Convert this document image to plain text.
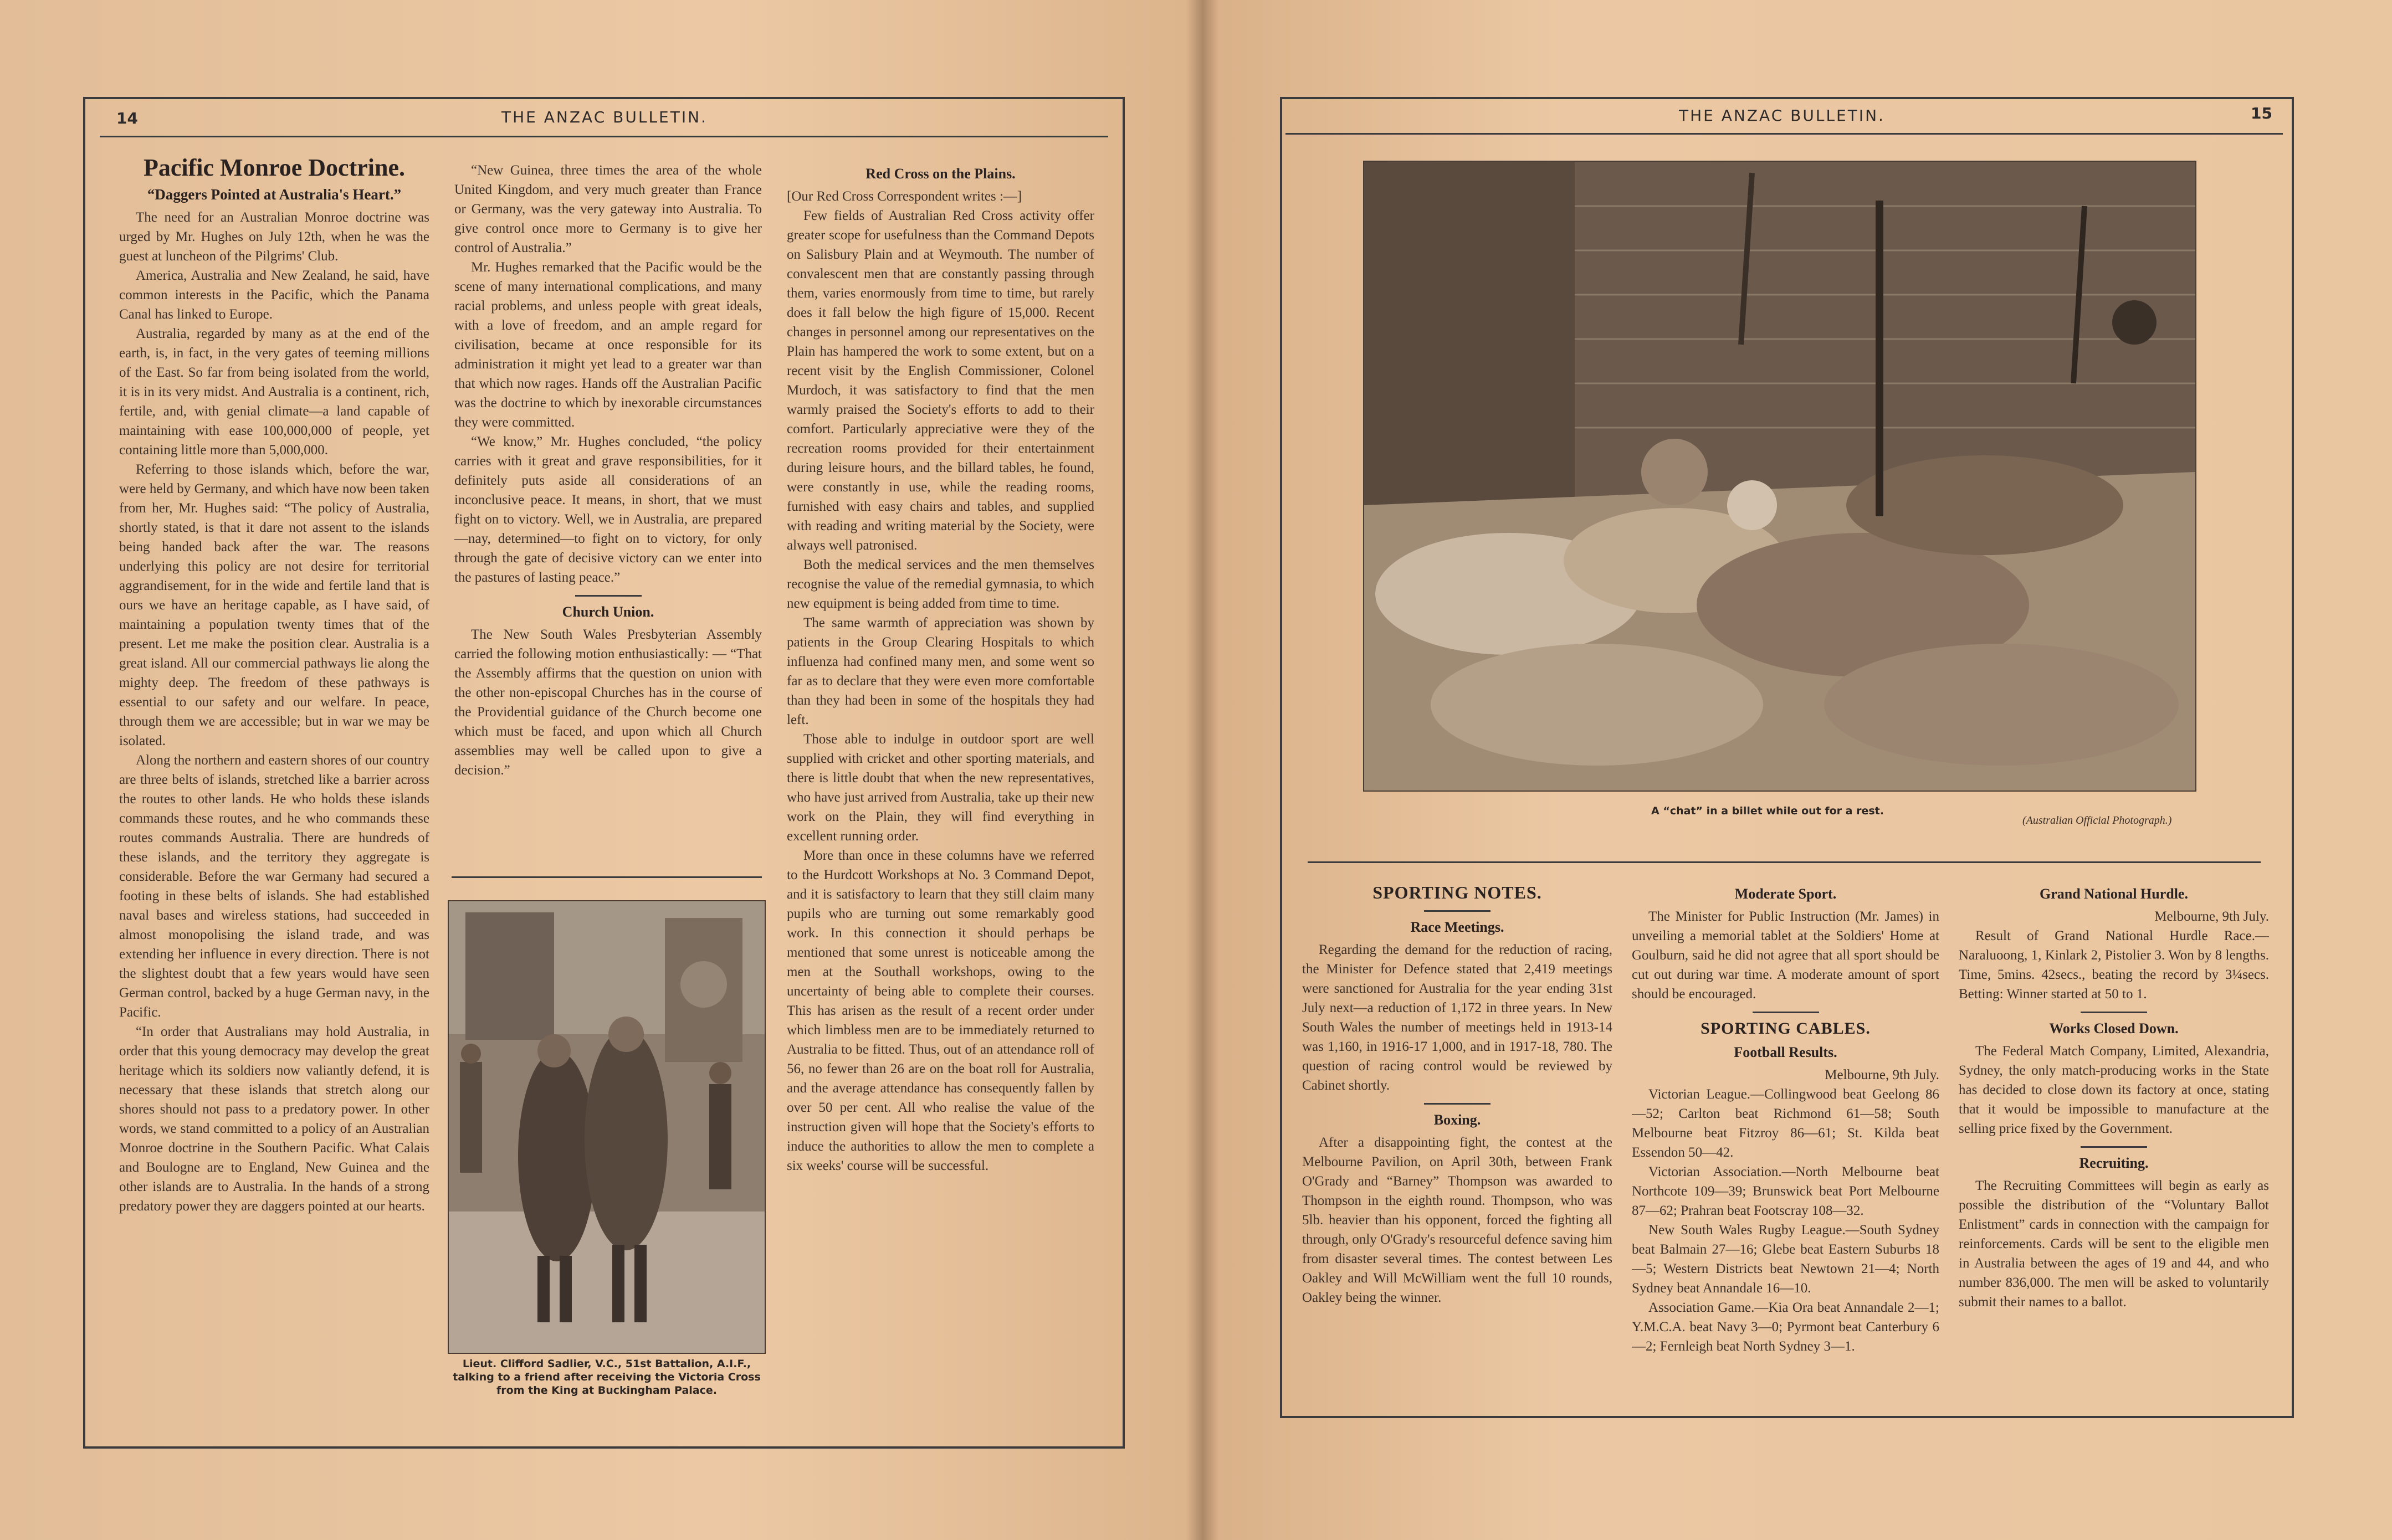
14	THE ANZAC BULLETIN.	15
THE ANZAC BULLETIN.
Pacific Monroe Doctrine.
“Daggers Pointed at Australia's Heart.”

The need for an Australian Monroe doctrine was urged by Mr. Hughes on July 12th, when he was the guest at luncheon of the Pilgrims' Club.

America, Australia and New Zealand, he said, have common interests in the Pacific, which the Panama Canal has linked to Europe.

Australia, regarded by many as at the end of the earth, is, in fact, in the very gates of teeming millions of the East. So far from being isolated from the world, it is in its very midst. And Australia is a continent, rich, fertile, and, with genial climate—a land capable of maintaining with ease 100,000,000 of people, yet containing little more than 5,000,000.

Referring to those islands which, before the war, were held by Germany, and which have now been taken from her, Mr. Hughes said: “The policy of Australia, shortly stated, is that it dare not assent to the islands being handed back after the war. The reasons underlying this policy are not desire for territorial aggrandisement, for in the wide and fertile land that is ours we have an heritage capable, as I have said, of maintaining a population twenty times that of the present. Let me make the position clear. Australia is a great island. All our commercial pathways lie along the mighty deep. The freedom of these pathways is essential to our safety and our welfare. In peace, through them we are accessible; but in war we may be isolated.

Along the northern and eastern shores of our country are three belts of islands, stretched like a barrier across the routes to other lands. He who holds these islands commands these routes, and he who commands these routes commands Australia. There are hundreds of these islands, and the territory they aggregate is considerable. Before the war Germany had secured a footing in these belts of islands. She had established naval bases and wireless stations, had succeeded in almost monopolising the island trade, and was extending her influence in every direction. There is not the slightest doubt that a few years would have seen German control, backed by a huge German navy, in the Pacific.

“In order that Australians may hold Australia, in order that this young democracy may develop the great heritage which its soldiers now valiantly defend, it is necessary that these islands that stretch along our shores should not pass to a predatory power. In other words, we stand committed to a policy of an Australian Monroe doctrine in the Southern Pacific. What Calais and Boulogne are to England, New Guinea and the other islands are to Australia. In the hands of a strong predatory power they are daggers pointed at our hearts.

“New Guinea, three times the area of the whole United Kingdom, and very much greater than France or Germany, was the very gateway into Australia. To give control once more to Germany is to give her control of Australia.”

Mr. Hughes remarked that the Pacific would be the scene of many international complications, and many racial problems, and unless people with great ideals, with a love of freedom, and an ample regard for civilisation, became at once responsible for its administration it might yet lead to a greater war than that which now rages. Hands off the Australian Pacific was the doctrine to which by inexorable circumstances they were committed.

“We know,” Mr. Hughes concluded, “the policy carries with it great and grave responsibilities, for it definitely puts aside all considerations of an inconclusive peace. It means, in short, that we must fight on to victory. Well, we in Australia, are prepared—nay, determined—to fight on to victory, for only through the gate of decisive victory can we enter into the pastures of lasting peace.”

Church Union.

The New South Wales Presbyterian Assembly carried the following motion enthusiastically: — “That the Assembly affirms that the question on union with the other non-episcopal Churches has in the course of the Providential guidance of the Church become one which must be faced, and upon which all Church assemblies may well be called upon to give a decision.”

Lieut. Clifford Sadlier, V.C., 51st Battalion, A.I.F., talking to a friend after receiving the Victoria Cross from the King at Buckingham Palace.
Red Cross on the Plains.
[Our Red Cross Correspondent writes :—]

Few fields of Australian Red Cross activity offer greater scope for usefulness than the Command Depots on Salisbury Plain and at Weymouth. The number of convalescent men that are constantly passing through them, varies enormously from time to time, but rarely does it fall below the high figure of 15,000. Recent changes in personnel among our representatives on the Plain has hampered the work to some extent, but on a recent visit by the English Commissioner, Colonel Murdoch, it was satisfactory to find that the men warmly praised the Society's efforts to add to their comfort. Particularly appreciative were they of the recreation rooms provided for their entertainment during leisure hours, and the billard tables, he found, were constantly in use, while the reading rooms, furnished with easy chairs and tables, and supplied with reading and writing material by the Society, were always well patronised.

Both the medical services and the men themselves recognise the value of the remedial gymnasia, to which new equipment is being added from time to time.

The same warmth of appreciation was shown by patients in the Group Clearing Hospitals to which influenza had confined many men, and some went so far as to declare that they were even more comfortable than they had been in some of the hospitals they had left.

Those able to indulge in outdoor sport are well supplied with cricket and other sporting materials, and there is little doubt that when the new representatives, who have just arrived from Australia, take up their new work on the Plain, they will find everything in excellent running order.

More than once in these columns have we referred to the Hurdcott Workshops at No. 3 Command Depot, and it is satisfactory to learn that they still claim many pupils who are turning out some remarkably good work. In this connection it should perhaps be mentioned that some unrest is noticeable among the men at the Southall workshops, owing to the uncertainty of being able to complete their courses. This has arisen as the result of a recent order under which limbless men are to be immediately returned to Australia to be fitted. Thus, out of an attendance roll of 56, no fewer than 26 are on the boat roll for Australia, and the average attendance has consequently fallen by over 50 per cent. All who realise the value of the instruction given will hope that the Society's efforts to induce the authorities to allow the men to complete a six weeks' course will be successful.

A “chat” in a billet while out for a rest.
(Australian Official Photograph.)
SPORTING NOTES.
Race Meetings.

Regarding the demand for the reduction of racing, the Minister for Defence stated that 2,419 meetings were sanctioned for Australia for the year ending 31st July next—a reduction of 1,172 in three years. In New South Wales the number of meetings held in 1913-14 was 1,160, in 1916-17 1,000, and in 1917-18, 780. The question of racing control would be reviewed by Cabinet shortly.

Boxing.

After a disappointing fight, the contest at the Melbourne Pavilion, on April 30th, between Frank O'Grady and “Barney” Thompson was awarded to Thompson in the eighth round. Thompson, who was 5lb. heavier than his opponent, forced the fighting all through, only O'Grady's resourceful defence saving him from disaster several times. The contest between Les Oakley and Will McWilliam went the full 10 rounds, Oakley being the winner.

Moderate Sport.

The Minister for Public Instruction (Mr. James) in unveiling a memorial tablet at the Soldiers' Home at Goulburn, said he did not agree that all sport should be cut out during war time. A moderate amount of sport should be encouraged.

SPORTING CABLES.
Football Results.
Melbourne, 9th July.

Victorian League.—Collingwood beat Geelong 86—52; Carlton beat Richmond 61—58; South Melbourne beat Fitzroy 86—61; St. Kilda beat Essendon 50—42.

Victorian Association.—North Melbourne beat Northcote 109—39; Brunswick beat Port Melbourne 87—62; Prahran beat Footscray 108—32.

New South Wales Rugby League.—South Sydney beat Balmain 27—16; Glebe beat Eastern Suburbs 18—5; Western Districts beat Newtown 21—4; North Sydney beat Annandale 16—10.

Association Game.—Kia Ora beat Annandale 2—1; Y.M.C.A. beat Navy 3—0; Pyrmont beat Canterbury 6—2; Fernleigh beat North Sydney 3—1.

Grand National Hurdle.
Melbourne, 9th July.

Result of Grand National Hurdle Race.—Naraluoong, 1, Kinlark 2, Pistolier 3. Won by 8 lengths. Time, 5mins. 42secs., beating the record by 3¼secs. Betting: Winner started at 50 to 1.

Works Closed Down.

The Federal Match Company, Limited, Alexandria, Sydney, the only match-producing works in the State has decided to close down its factory at once, stating that it would be impossible to manufacture at the selling price fixed by the Government.

Recruiting.

The Recruiting Committees will begin as early as possible the distribution of the “Voluntary Ballot Enlistment” cards in connection with the campaign for reinforcements. Cards will be sent to the eligible men in Australia between the ages of 19 and 44, and who number 836,000. The men will be asked to voluntarily submit their names to a ballot.
